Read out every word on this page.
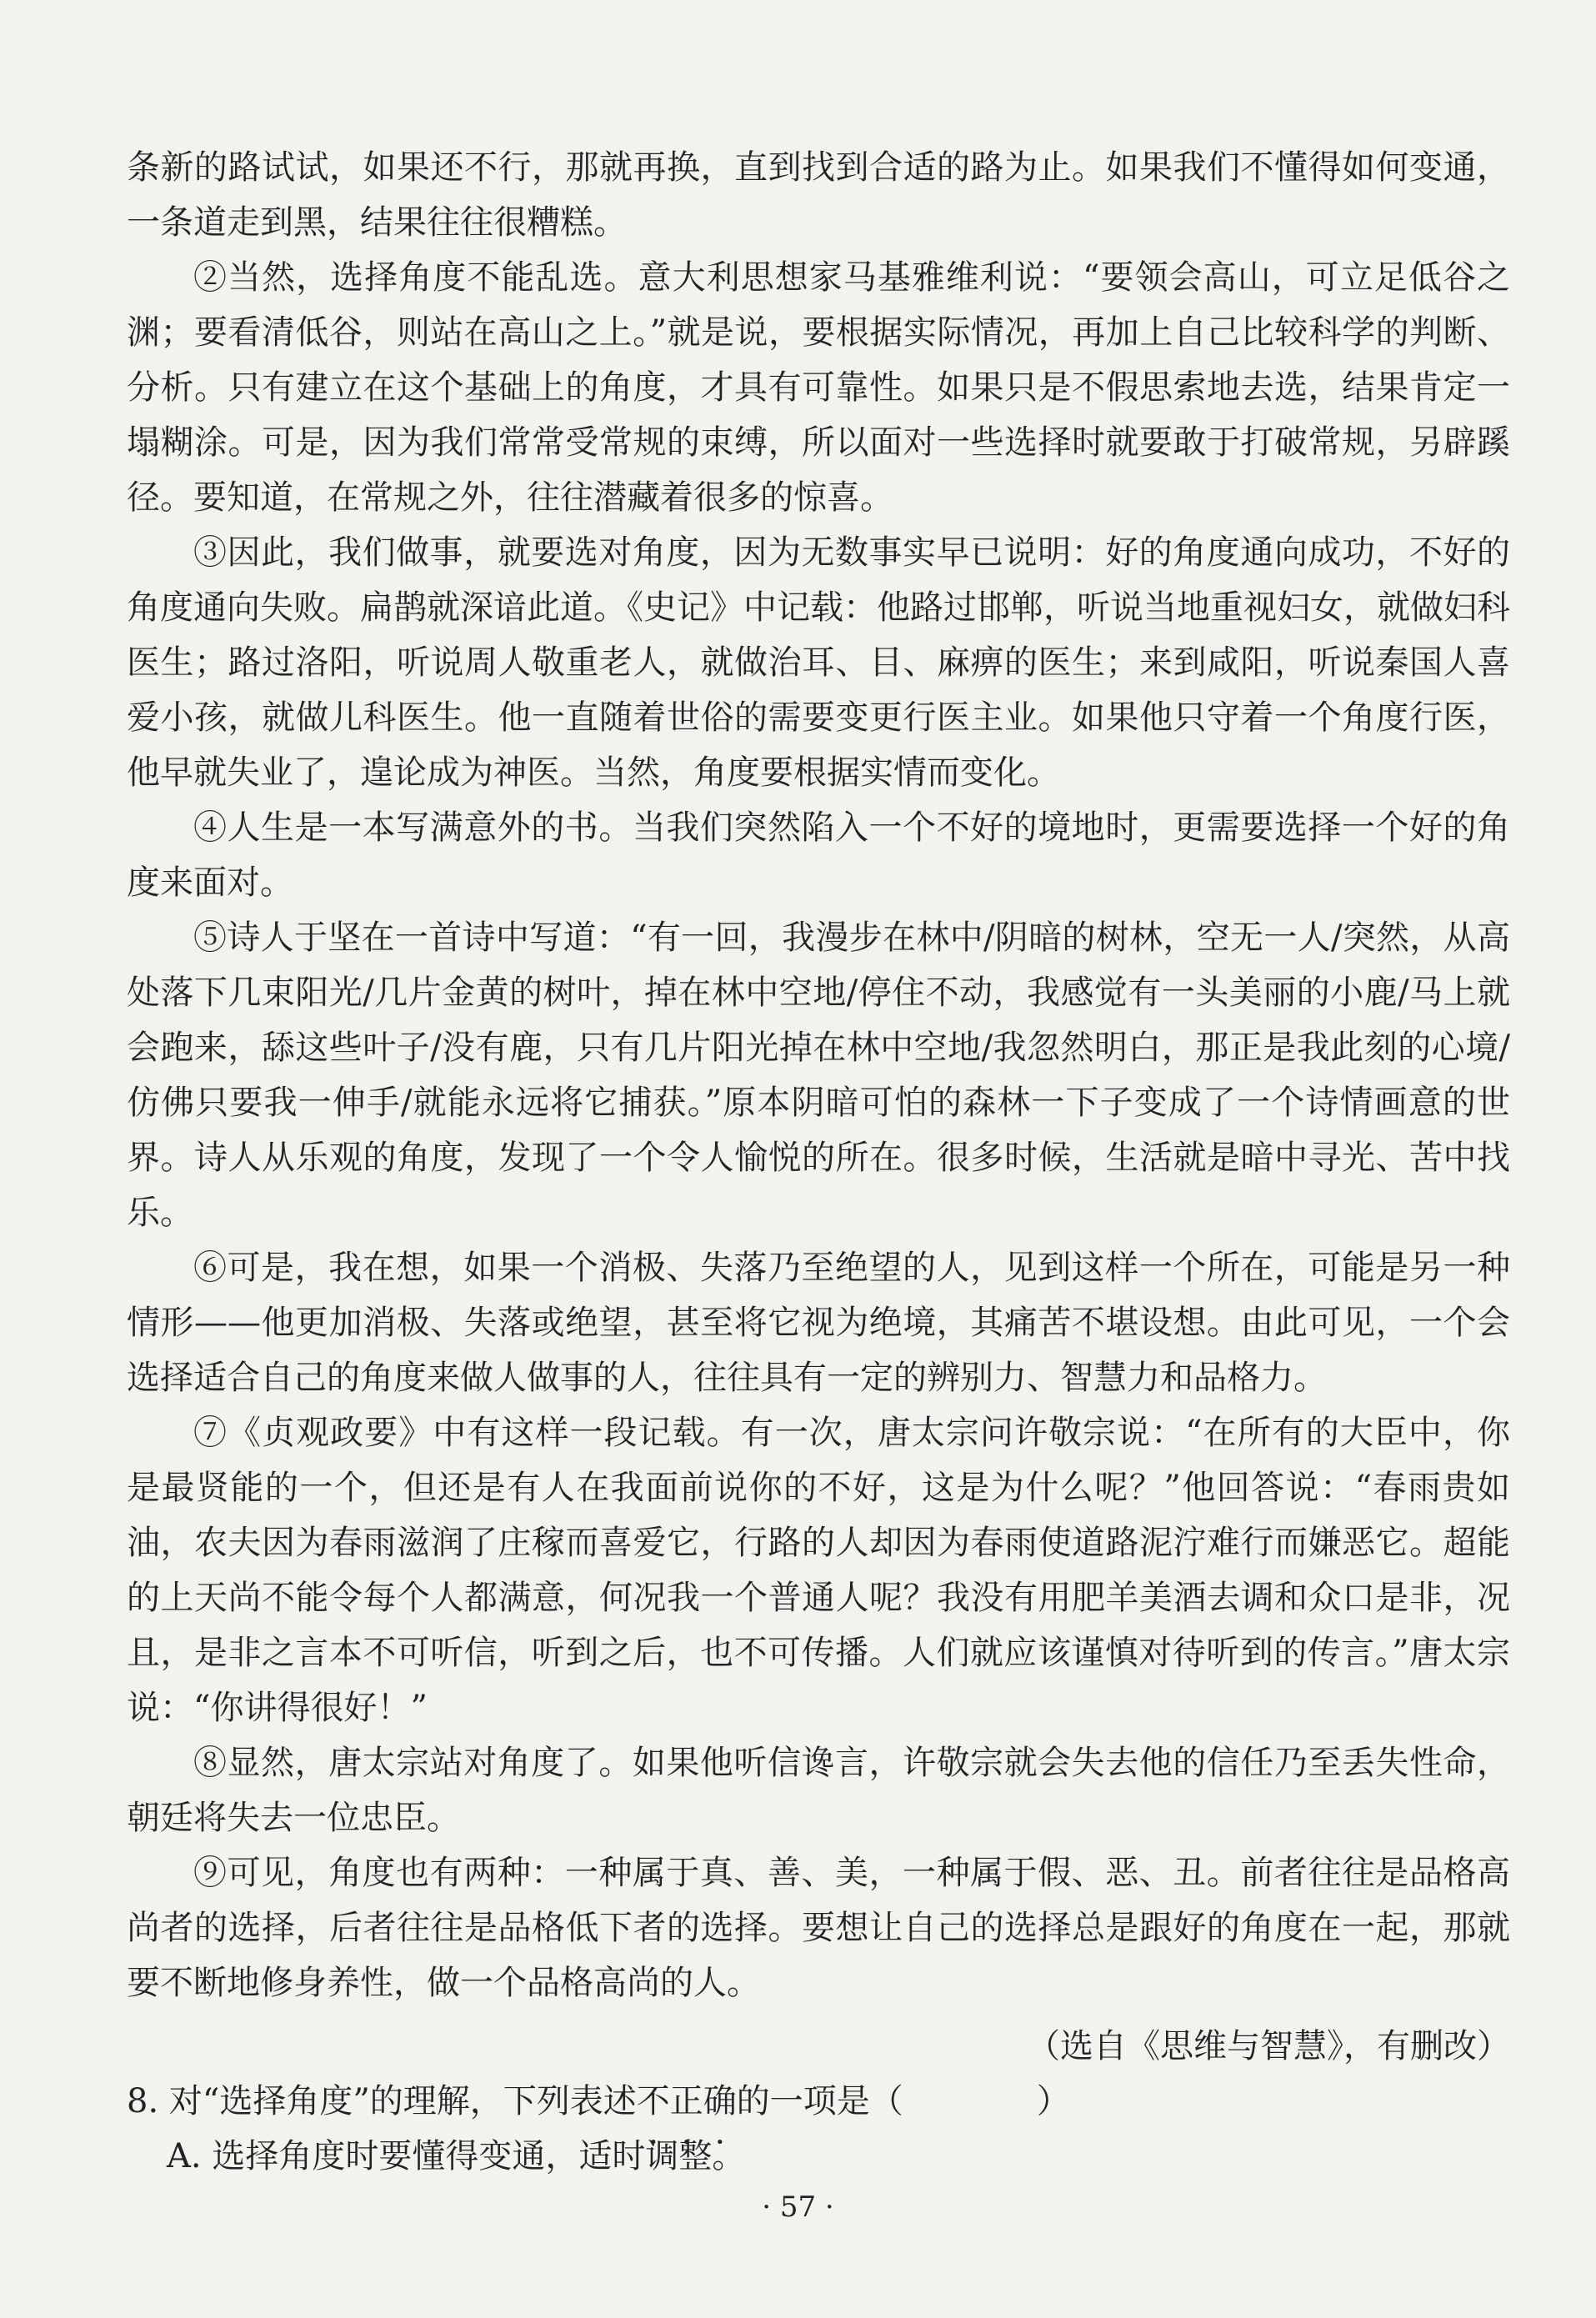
条新的路试试，如果还不行，那就再换，直到找到合适的路为止。如果我们不懂得如何变通，一条道走到黑，结果往往很糟糕。

②当然，选择角度不能乱选。意大利思想家马基雅维利说：“要领会高山，可立足低谷之渊；要看清低谷，则站在高山之上。”就是说，要根据实际情况，再加上自己比较科学的判断、分析。只有建立在这个基础上的角度，才具有可靠性。如果只是不假思索地去选，结果肯定一塌糊涂。可是，因为我们常常受常规的束缚，所以面对一些选择时就要敢于打破常规，另辟蹊径。要知道，在常规之外，往往潜藏着很多的惊喜。

③因此，我们做事，就要选对角度，因为无数事实早已说明：好的角度通向成功，不好的角度通向失败。扁鹊就深谙此道。《史记》中记载：他路过邯郸，听说当地重视妇女，就做妇科医生；路过洛阳，听说周人敬重老人，就做治耳、目、麻痹的医生；来到咸阳，听说秦国人喜爱小孩，就做儿科医生。他一直随着世俗的需要变更行医主业。如果他只守着一个角度行医，他早就失业了，遑论成为神医。当然，角度要根据实情而变化。

④人生是一本写满意外的书。当我们突然陷入一个不好的境地时，更需要选择一个好的角度来面对。

⑤诗人于坚在一首诗中写道：“有一回，我漫步在林中/阴暗的树林，空无一人/突然，从高处落下几束阳光/几片金黄的树叶，掉在林中空地/停住不动，我感觉有一头美丽的小鹿/马上就会跑来，舔这些叶子/没有鹿，只有几片阳光掉在林中空地/我忽然明白，那正是我此刻的心境/仿佛只要我一伸手/就能永远将它捕获。”原本阴暗可怕的森林一下子变成了一个诗情画意的世界。诗人从乐观的角度，发现了一个令人愉悦的所在。很多时候，生活就是暗中寻光、苦中找乐。

⑥可是，我在想，如果一个消极、失落乃至绝望的人，见到这样一个所在，可能是另一种情形——他更加消极、失落或绝望，甚至将它视为绝境，其痛苦不堪设想。由此可见，一个会选择适合自己的角度来做人做事的人，往往具有一定的辨别力、智慧力和品格力。

⑦《贞观政要》中有这样一段记载。有一次，唐太宗问许敬宗说：“在所有的大臣中，你是最贤能的一个，但还是有人在我面前说你的不好，这是为什么呢？”他回答说：“春雨贵如油，农夫因为春雨滋润了庄稼而喜爱它，行路的人却因为春雨使道路泥泞难行而嫌恶它。超能的上天尚不能令每个人都满意，何况我一个普通人呢？我没有用肥羊美酒去调和众口是非，况且，是非之言本不可听信，听到之后，也不可传播。人们就应该谨慎对待听到的传言。”唐太宗说：“你讲得很好！”

⑧显然，唐太宗站对角度了。如果他听信谗言，许敬宗就会失去他的信任乃至丢失性命，朝廷将失去一位忠臣。

⑨可见，角度也有两种：一种属于真、善、美，一种属于假、恶、丑。前者往往是品格高尚者的选择，后者往往是品格低下者的选择。要想让自己的选择总是跟好的角度在一起，那就要不断地修身养性，做一个品格高尚的人。

（选自《思维与智慧》，有删改）

8. 对“选择角度”的理解，下列表述不正确的一项是（　　　　）

A. 选择角度时要懂得变通，适时调整。

· 57 ·
